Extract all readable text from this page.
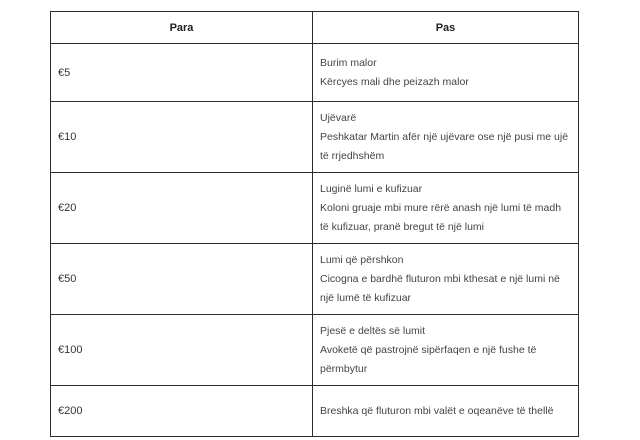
Para	Pas
€5	Burim malor
Kërcyes mali dhe peizazh malor

€10	Ujëvarë
Peshkatar Martin afër një ujëvare ose një pusi me ujë të rrjedhshëm

€20	Luginë lumi e kufizuar
Koloni gruaje mbi mure rërë anash një lumi të madh të kufizuar, pranë bregut të një lumi

€50	Lumi që përshkon
Cicogna e bardhë fluturon mbi kthesat e një lumi në një lumë të kufizuar

€100	Pjesë e deltës së lumit
Avoketë që pastrojnë sipërfaqen e një fushe të përmbytur

€200	Breshka që fluturon mbi valët e oqeanëve të thellë
